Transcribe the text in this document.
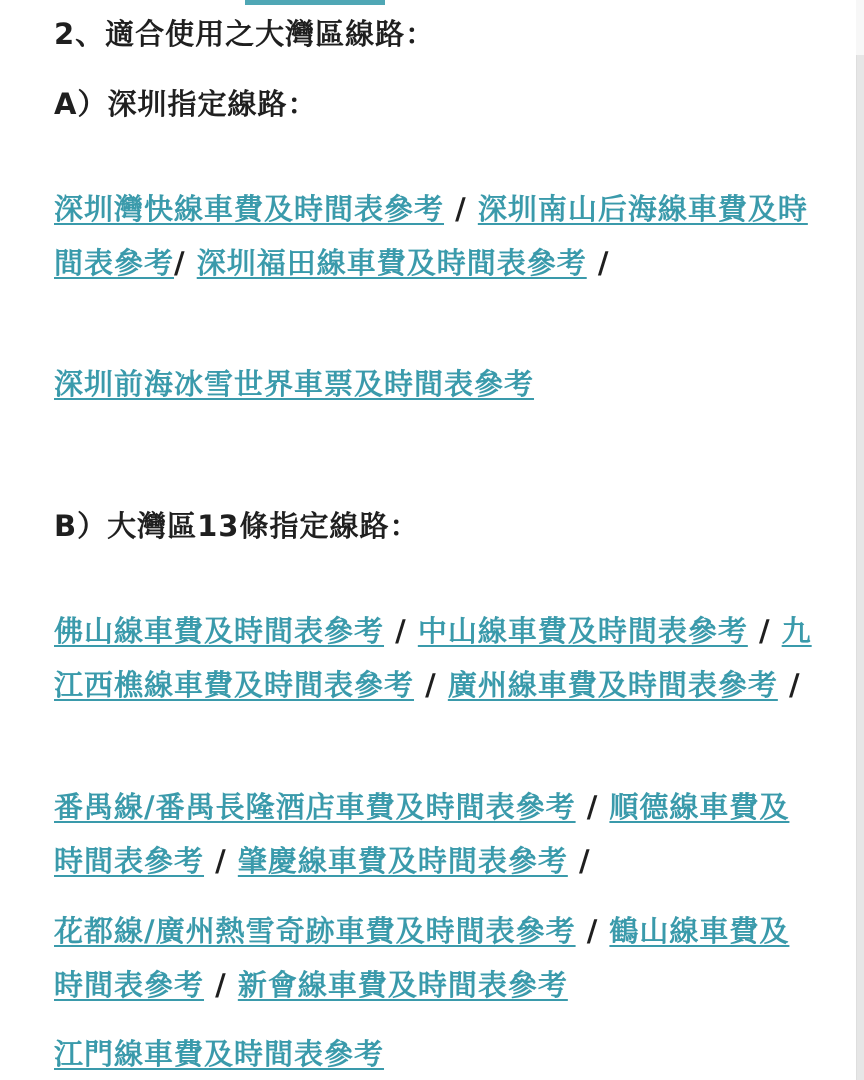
2、適合使用之大灣區線路：
A）深圳指定線路：

深圳灣快線車費及時間表參考 / 深圳南山后海線車費及時間表參考/ 深圳福田線車費及時間表參考 /

深圳前海冰雪世界車票及時間表參考

B）大灣區13條指定線路：

佛山線車費及時間表參考 / 中山線車費及時間表參考 / 九江西樵線車費及時間表參考 / 廣州線車費及時間表參考 /

番禺線/番禺長隆酒店車費及時間表參考 / 順德線車費及時間表參考 / 肇慶線車費及時間表參考 /

花都線/廣州熱雪奇跡車費及時間表參考 / 鶴山線車費及時間表參考 / 新會線車費及時間表參考

江門線車費及時間表參考
